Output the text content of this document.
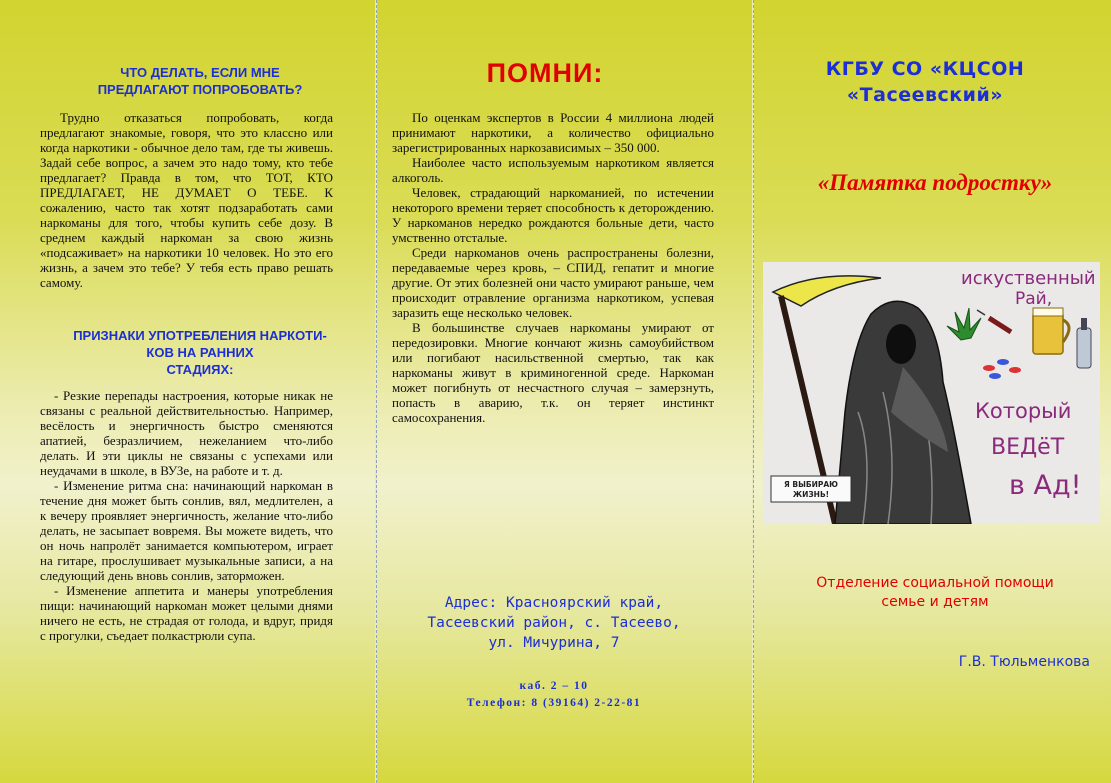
ЧТО ДЕЛАТЬ, ЕСЛИ МНЕ
ПРЕДЛАГАЮТ ПОПРОБОВАТЬ?

Трудно отказаться попробовать, когда предлагают знакомые, говоря, что это классно или когда наркотики - обычное дело там, где ты живешь. Задай себе вопрос, а зачем это надо тому, кто тебе предлагает? Правда в том, что ТОТ, КТО ПРЕДЛАГАЕТ, НЕ ДУМАЕТ О ТЕБЕ. К сожалению, часто так хотят подзаработать сами наркоманы для того, чтобы купить себе дозу. В среднем каждый наркоман за свою жизнь «подсаживает» на наркотики 10 человек. Но это его жизнь, а зачем это тебе? У тебя есть право решать самому.

ПРИЗНАКИ УПОТРЕБЛЕНИЯ НАРКОТИ-
КОВ НА РАННИХ
СТАДИЯХ:

- Резкие перепады настроения, которые никак не связаны с реальной действительностью. Например, весёлость и энергичность быстро сменяются апатией, безразличием, нежеланием что-либо делать. И эти циклы не связаны с успехами или неудачами в школе, в ВУЗе, на работе и т. д.

- Изменение ритма сна: начинающий наркоман в течение дня может быть сонлив, вял, медлителен, а к вечеру проявляет энергичность, желание что-либо делать, не засыпает вовремя. Вы можете видеть, что он ночь напролёт занимается компьютером, играет на гитаре, прослушивает музыкальные записи, а на следующий день вновь сонлив, заторможен.

- Изменение аппетита и манеры употребления пищи: начинающий наркоман может целыми днями ничего не есть, не страдая от голода, и вдруг, придя с прогулки, съедает полкастрюли супа.

ПОМНИ:

По оценкам экспертов в России 4 миллиона людей принимают наркотики, а количество официально зарегистрированных наркозависимых – 350 000.

Наиболее часто используемым наркотиком является алкоголь.

Человек, страдающий наркоманией, по истечении некоторого времени теряет способность к деторождению. У наркоманов нередко рождаются больные дети, часто умственно отсталые.

Среди наркоманов очень распространены болезни, передаваемые через кровь, – СПИД, гепатит и многие другие. От этих болезней они часто умирают раньше, чем происходит отравление организма наркотиком, успевая заразить еще несколько человек.

В большинстве случаев наркоманы умирают от передозировки. Многие кончают жизнь самоубийством или погибают насильственной смертью, так как наркоманы живут в криминогенной среде. Наркоман может погибнуть от несчастного случая – замерзнуть, попасть в аварию, т.к. он теряет инстинкт самосохранения.

Адрес: Красноярский край,
Тасеевский район, с. Тасеево,
ул. Мичурина, 7
каб. 2 – 10
Телефон: 8 (39164) 2-22-81
КГБУ СО «КЦСОН
«Тасеевский»
«Памятка подростку»
искуственный
Рай,
Который
ВЕДёТ
в Ад!
Я ВЫБИРАЮ
ЖИЗНЬ!
Отделение социальной помощи
семье и детям
Г.В. Тюльменкова
